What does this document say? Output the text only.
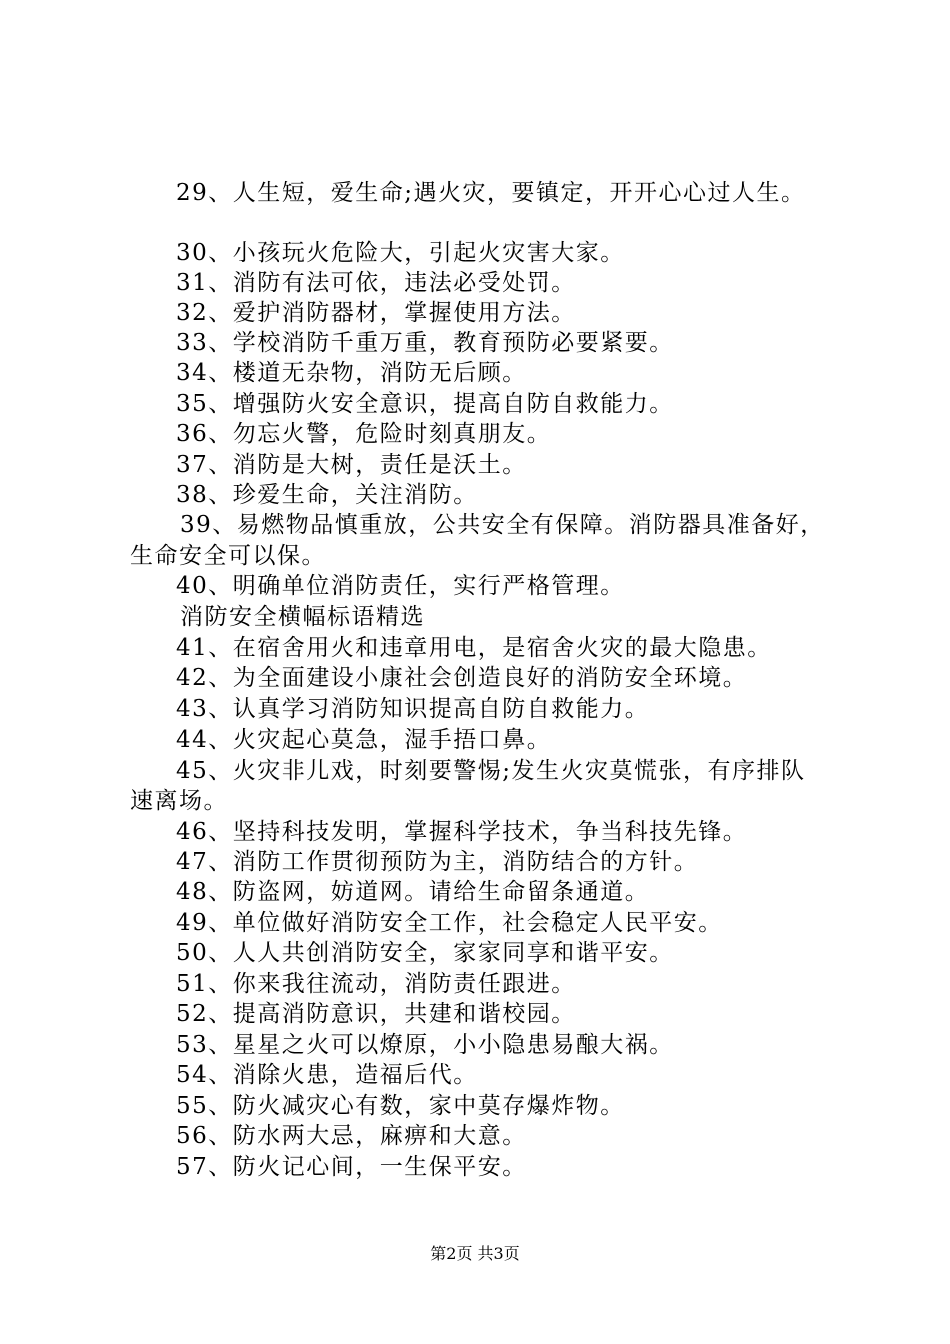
29、人生短，爱生命;遇火灾，要镇定，开开心心过人生。
30、小孩玩火危险大，引起火灾害大家。
31、消防有法可依，违法必受处罚。
32、爱护消防器材，掌握使用方法。
33、学校消防千重万重，教育预防必要紧要。
34、楼道无杂物，消防无后顾。
35、增强防火安全意识，提高自防自救能力。
36、勿忘火警，危险时刻真朋友。
37、消防是大树，责任是沃土。
38、珍爱生命，关注消防。
39、易燃物品慎重放，公共安全有保障。消防器具准备好，
生命安全可以保。
40、明确单位消防责任，实行严格管理。
消防安全横幅标语精选
41、在宿舍用火和违章用电，是宿舍火灾的最大隐患。
42、为全面建设小康社会创造良好的消防安全环境。
43、认真学习消防知识提高自防自救能力。
44、火灾起心莫急，湿手捂口鼻。
45、火灾非儿戏，时刻要警惕;发生火灾莫慌张，有序排队
速离场。
46、坚持科技发明，掌握科学技术，争当科技先锋。
47、消防工作贯彻预防为主，消防结合的方针。
48、防盗网，妨道网。请给生命留条通道。
49、单位做好消防安全工作，社会稳定人民平安。
50、人人共创消防安全，家家同享和谐平安。
51、你来我往流动，消防责任跟进。
52、提高消防意识，共建和谐校园。
53、星星之火可以燎原，小小隐患易酿大祸。
54、消除火患，造福后代。
55、防火减灾心有数，家中莫存爆炸物。
56、防水两大忌，麻痹和大意。
57、防火记心间，一生保平安。
第2页 共3页
